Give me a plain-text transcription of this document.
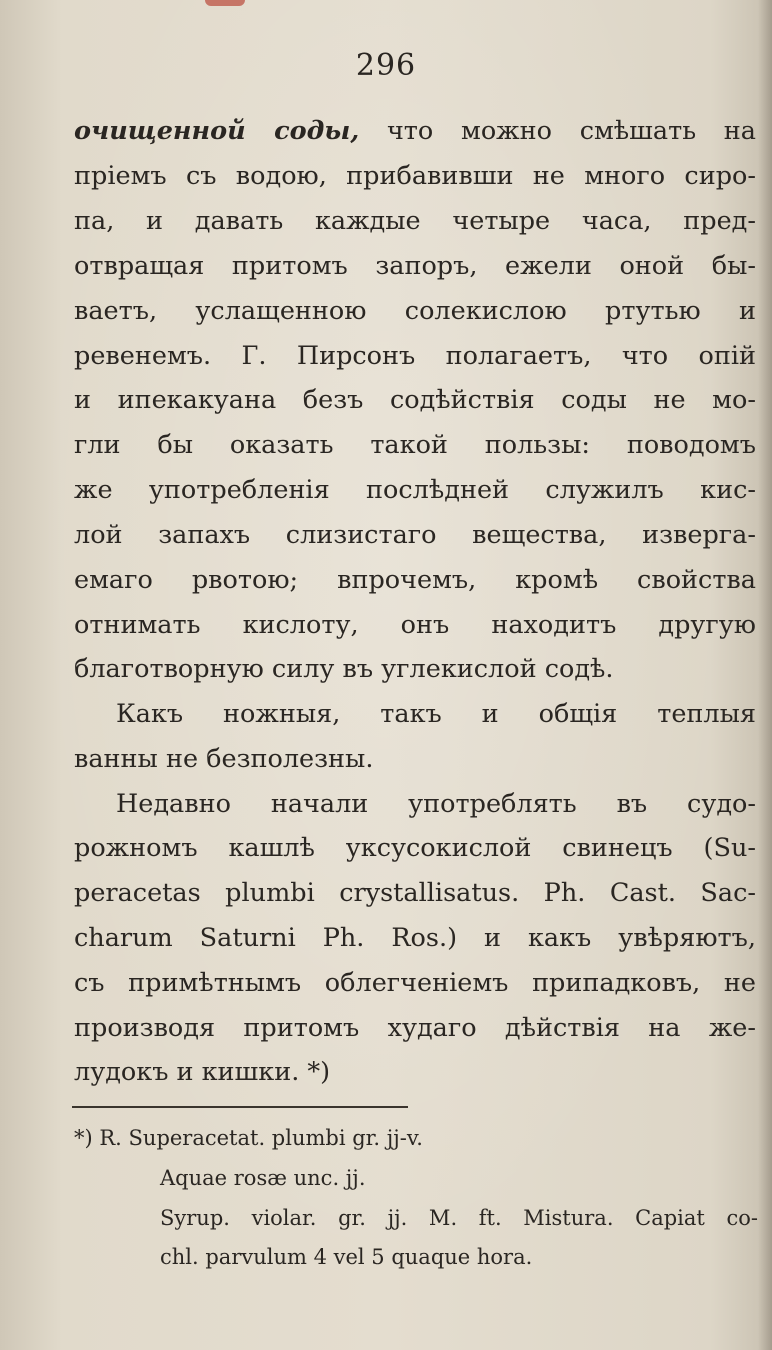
296
очищенной соды, что можно смѣшать на
пріемъ съ водою, прибавивши не много сиро-
па, и давать каждые четыре часа, пред-
отвращая притомъ запоръ, ежели оной бы-
ваетъ, услащенною солекислою ртутью и
ревенемъ. Г. Пирсонъ полагаетъ, что опій
и ипекакуана безъ содѣйствія соды не мо-
гли бы оказать такой пользы: поводомъ
же употребленія послѣдней служилъ кис-
лой запахъ слизистаго вещества, изверга-
емаго рвотою; впрочемъ, кромѣ свойства
отнимать кислоту, онъ находитъ другую
благотворную силу въ углекислой содѣ.
Какъ ножныя, такъ и общія теплыя
ванны не безполезны.
Недавно начали употреблять въ судо-
рожномъ кашлѣ уксусокислой свинецъ (Su-
peracetas plumbi crystallisatus. Ph. Cast. Sac-
charum Saturni Ph. Ros.) и какъ увѣряютъ,
съ примѣтнымъ облегченіемъ припадковъ, не
производя притомъ худаго дѣйствія на же-
лудокъ и кишки. *)
*) R. Superacetat. plumbi gr. jj-v.
Aquae rosæ unc. jj.
Syrup. violar. gr. jj. M. ft. Mistura. Capiat co-
chl. parvulum 4 vel 5 quaque hora.
